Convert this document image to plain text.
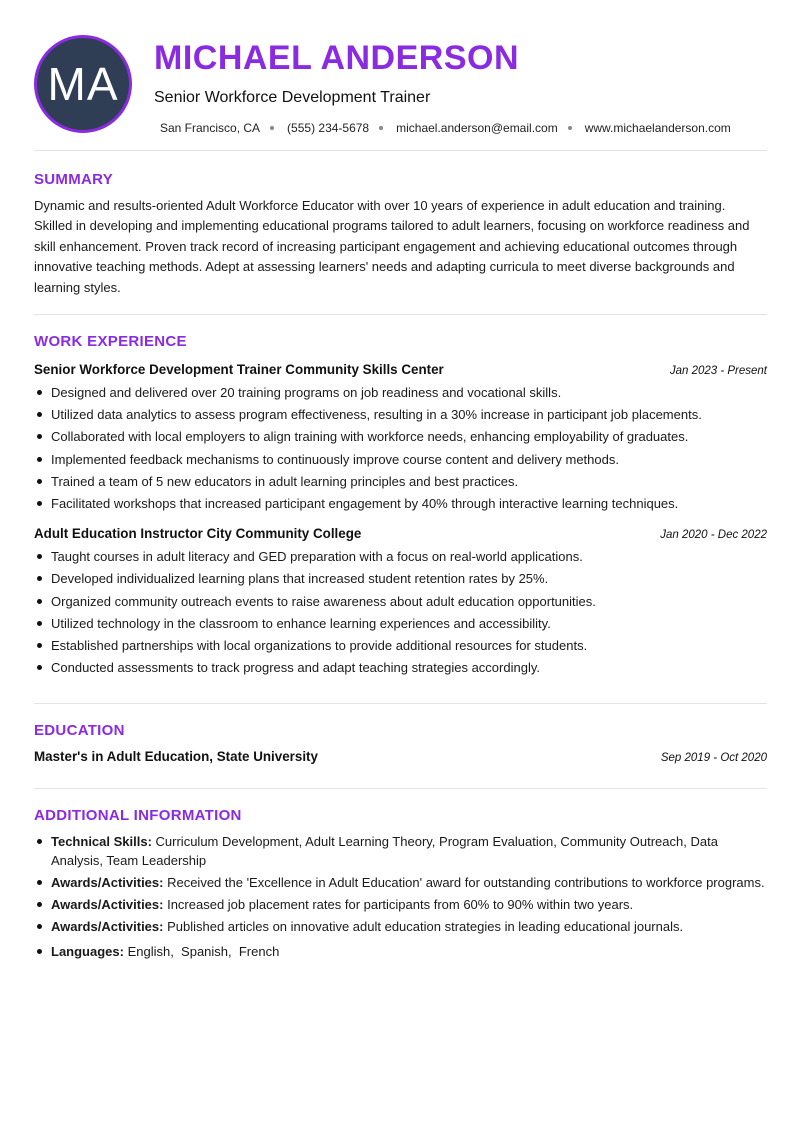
MA MICHAEL ANDERSON
Senior Workforce Development Trainer
San Francisco, CA (555) 234-5678 michael.anderson@email.com www.michaelanderson.com
SUMMARY

Dynamic and results-oriented Adult Workforce Educator with over 10 years of experience in adult education and training. Skilled in developing and implementing educational programs tailored to adult learners, focusing on workforce readiness and skill enhancement. Proven track record of increasing participant engagement and achieving educational outcomes through innovative teaching methods. Adept at assessing learners' needs and adapting curricula to meet diverse backgrounds and learning styles.

WORK EXPERIENCE
Senior Workforce Development Trainer Community Skills Center	Jan 2023 - Present
Designed and delivered over 20 training programs on job readiness and vocational skills.
Utilized data analytics to assess program effectiveness, resulting in a 30% increase in participant job placements.
Collaborated with local employers to align training with workforce needs, enhancing employability of graduates.
Implemented feedback mechanisms to continuously improve course content and delivery methods.
Trained a team of 5 new educators in adult learning principles and best practices.
Facilitated workshops that increased participant engagement by 40% through interactive learning techniques.
Adult Education Instructor City Community College	Jan 2020 - Dec 2022
Taught courses in adult literacy and GED preparation with a focus on real-world applications.
Developed individualized learning plans that increased student retention rates by 25%.
Organized community outreach events to raise awareness about adult education opportunities.
Utilized technology in the classroom to enhance learning experiences and accessibility.
Established partnerships with local organizations to provide additional resources for students.
Conducted assessments to track progress and adapt teaching strategies accordingly.
EDUCATION
Master's in Adult Education, State University	Sep 2019 - Oct 2020
ADDITIONAL INFORMATION
Technical Skills: Curriculum Development, Adult Learning Theory, Program Evaluation, Community Outreach, Data Analysis, Team Leadership
Awards/Activities: Received the 'Excellence in Adult Education' award for outstanding contributions to workforce programs.
Awards/Activities: Increased job placement rates for participants from 60% to 90% within two years.
Awards/Activities: Published articles on innovative adult education strategies in leading educational journals.
Languages: English,  Spanish,  French
